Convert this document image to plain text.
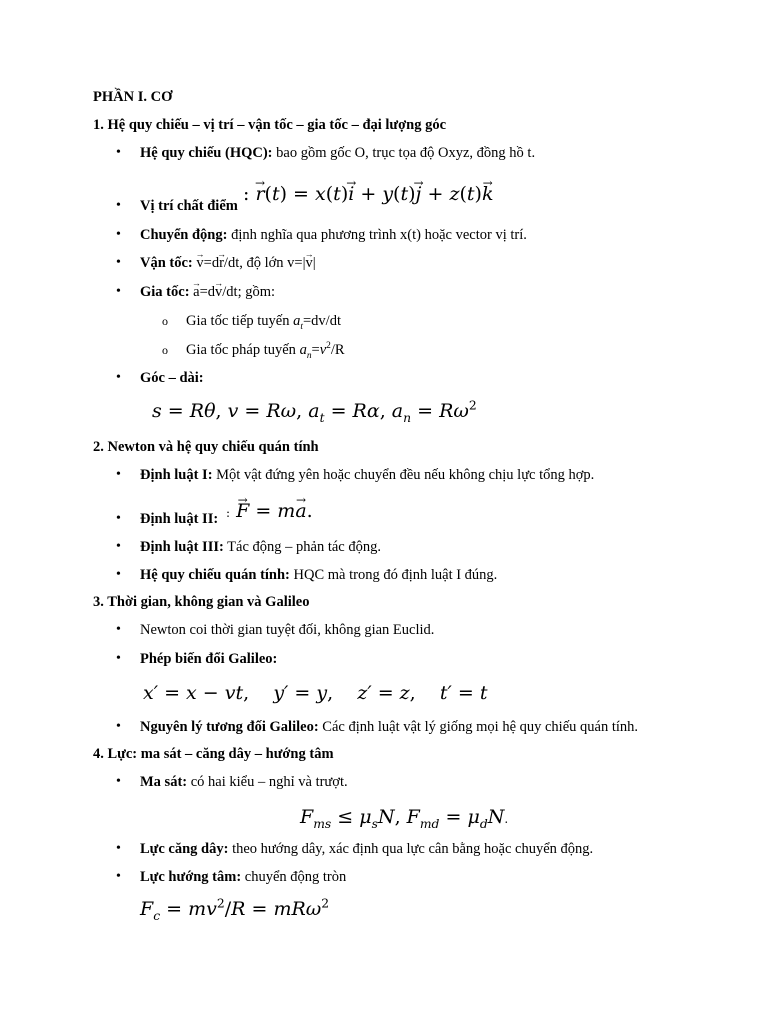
PHẦN I. CƠ
1. Hệ quy chiếu – vị trí – vận tốc – gia tốc – đại lượng góc
• Hệ quy chiếu (HQC): bao gồm gốc O, trục tọa độ Oxyz, đồng hồ t.
• Vị trí chất điểm
: r →(t) = x(t)i → + y(t)j → + z(t)k →
• Chuyển động: định nghĩa qua phương trình x(t) hoặc vector vị trí.
• Vận tốc: v →=dr →/dt, độ lớn v=|v →|
• Gia tốc: a →=dv →/dt; gồm:
o Gia tốc tiếp tuyến $a_t=dv/dt$
o Gia tốc pháp tuyến $a_n=v^2/R$
• Góc – dài:
s = Rθ, v = Rω, $a_t = R\alpha$, $a_n = R\omega^2$
2. Newton và hệ quy chiếu quán tính
• Định luật I: Một vật đứng yên hoặc chuyển đều nếu không chịu lực tổng hợp.
• Định luật II: : F → = ma →.
• Định luật III: Tác động – phản tác động.
• Hệ quy chiếu quán tính: HQC mà trong đó định luật I đúng.
3. Thời gian, không gian và Galileo
• Newton coi thời gian tuyệt đối, không gian Euclid.
• Phép biến đổi Galileo:
x′ = x − vt,    y′ = y,    z′ = z,    t′ = t
• Nguyên lý tương đối Galileo: Các định luật vật lý giống mọi hệ quy chiếu quán tính.
4. Lực: ma sát – căng dây – hướng tâm
• Ma sát: có hai kiểu – nghỉ và trượt.
$F_{ms} \le \mu_sN$, $F_{md} = \mu_dN$.
• Lực căng dây: theo hướng dây, xác định qua lực cân bằng hoặc chuyển động.
• Lực hướng tâm: chuyển động tròn
$F_c = mv^2/R = mR\omega^2$
